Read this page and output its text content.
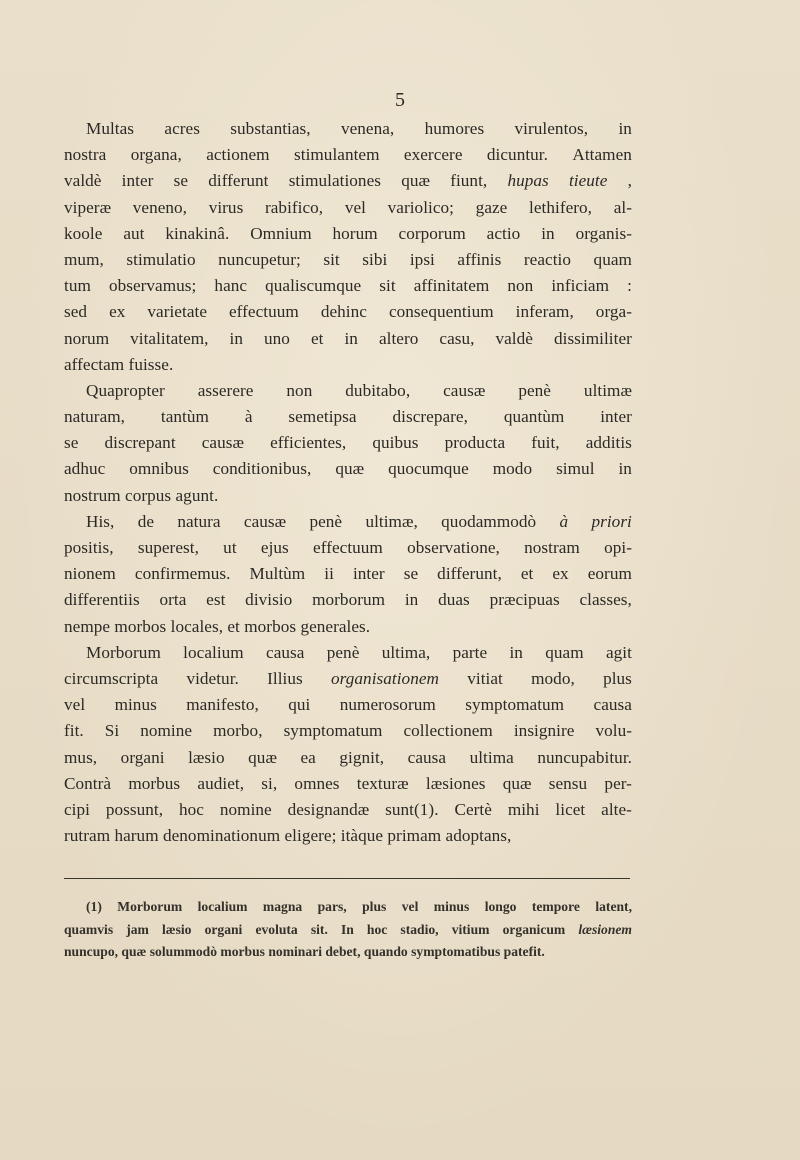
5
Multas acres substantias, venena, humores virulentos, in
nostra organa, actionem stimulantem exercere dicuntur. Attamen
valdè inter se differunt stimulationes quæ fiunt, hupas tieute ,
viperæ veneno, virus rabifico, vel variolico; gaze lethifero, al-
koole aut kinakinâ. Omnium horum corporum actio in organis-
mum, stimulatio nuncupetur; sit sibi ipsi affinis reactio quam
tum observamus; hanc qualiscumque sit affinitatem non inficiam :
sed ex varietate effectuum dehinc consequentium inferam, orga-
norum vitalitatem, in uno et in altero casu, valdè dissimiliter
affectam fuisse.
Quapropter asserere non dubitabo, causæ penè ultimæ
naturam, tantùm à semetipsa discrepare, quantùm inter
se discrepant causæ efficientes, quibus producta fuit, additis
adhuc omnibus conditionibus, quæ quocumque modo simul in
nostrum corpus agunt.
His, de natura causæ penè ultimæ, quodammodò à priori
positis, superest, ut ejus effectuum observatione, nostram opi-
nionem confirmemus. Multùm ii inter se differunt, et ex eorum
differentiis orta est divisio morborum in duas præcipuas classes,
nempe morbos locales, et morbos generales.
Morborum localium causa penè ultima, parte in quam agit
circumscripta videtur. Illius organisationem vitiat modo, plus
vel minus manifesto, qui numerosorum symptomatum causa
fit. Si nomine morbo, symptomatum collectionem insignire volu-
mus, organi læsio quæ ea gignit, causa ultima nuncupabitur.
Contrà morbus audiet, si, omnes texturæ læsiones quæ sensu per-
cipi possunt, hoc nomine designandæ sunt(1). Certè mihi licet alte-
rutram harum denominationum eligere; itàque primam adoptans,
(1) Morborum localium magna pars, plus vel minus longo tempore latent,
quamvis jam læsio organi evoluta sit. In hoc stadio, vitium organicum læsionem
nuncupo, quæ solummodò morbus nominari debet, quando symptomatibus patefit.
